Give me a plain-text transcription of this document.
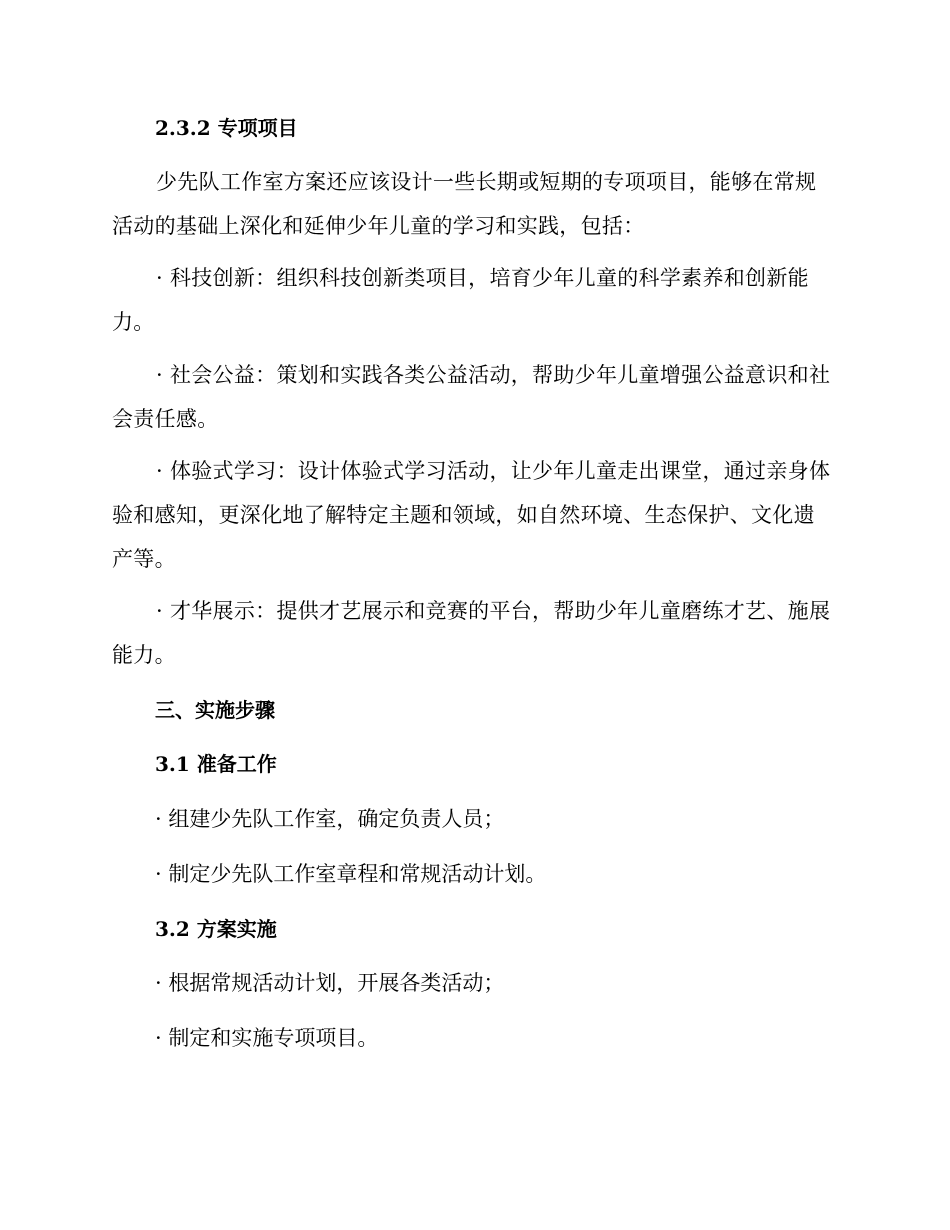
2.3.2 专项项目

少先队工作室方案还应该设计一些长期或短期的专项项目，能够在常规活动的基础上深化和延伸少年儿童的学习和实践，包括：

· 科技创新：组织科技创新类项目，培育少年儿童的科学素养和创新能力。

· 社会公益：策划和实践各类公益活动，帮助少年儿童增强公益意识和社会责任感。

· 体验式学习：设计体验式学习活动，让少年儿童走出课堂，通过亲身体验和感知，更深化地了解特定主题和领域，如自然环境、生态保护、文化遗产等。

· 才华展示：提供才艺展示和竞赛的平台，帮助少年儿童磨练才艺、施展能力。

三、实施步骤
3.1 准备工作
· 组建少先队工作室，确定负责人员；
· 制定少先队工作室章程和常规活动计划。
3.2 方案实施
· 根据常规活动计划，开展各类活动；
· 制定和实施专项项目。
